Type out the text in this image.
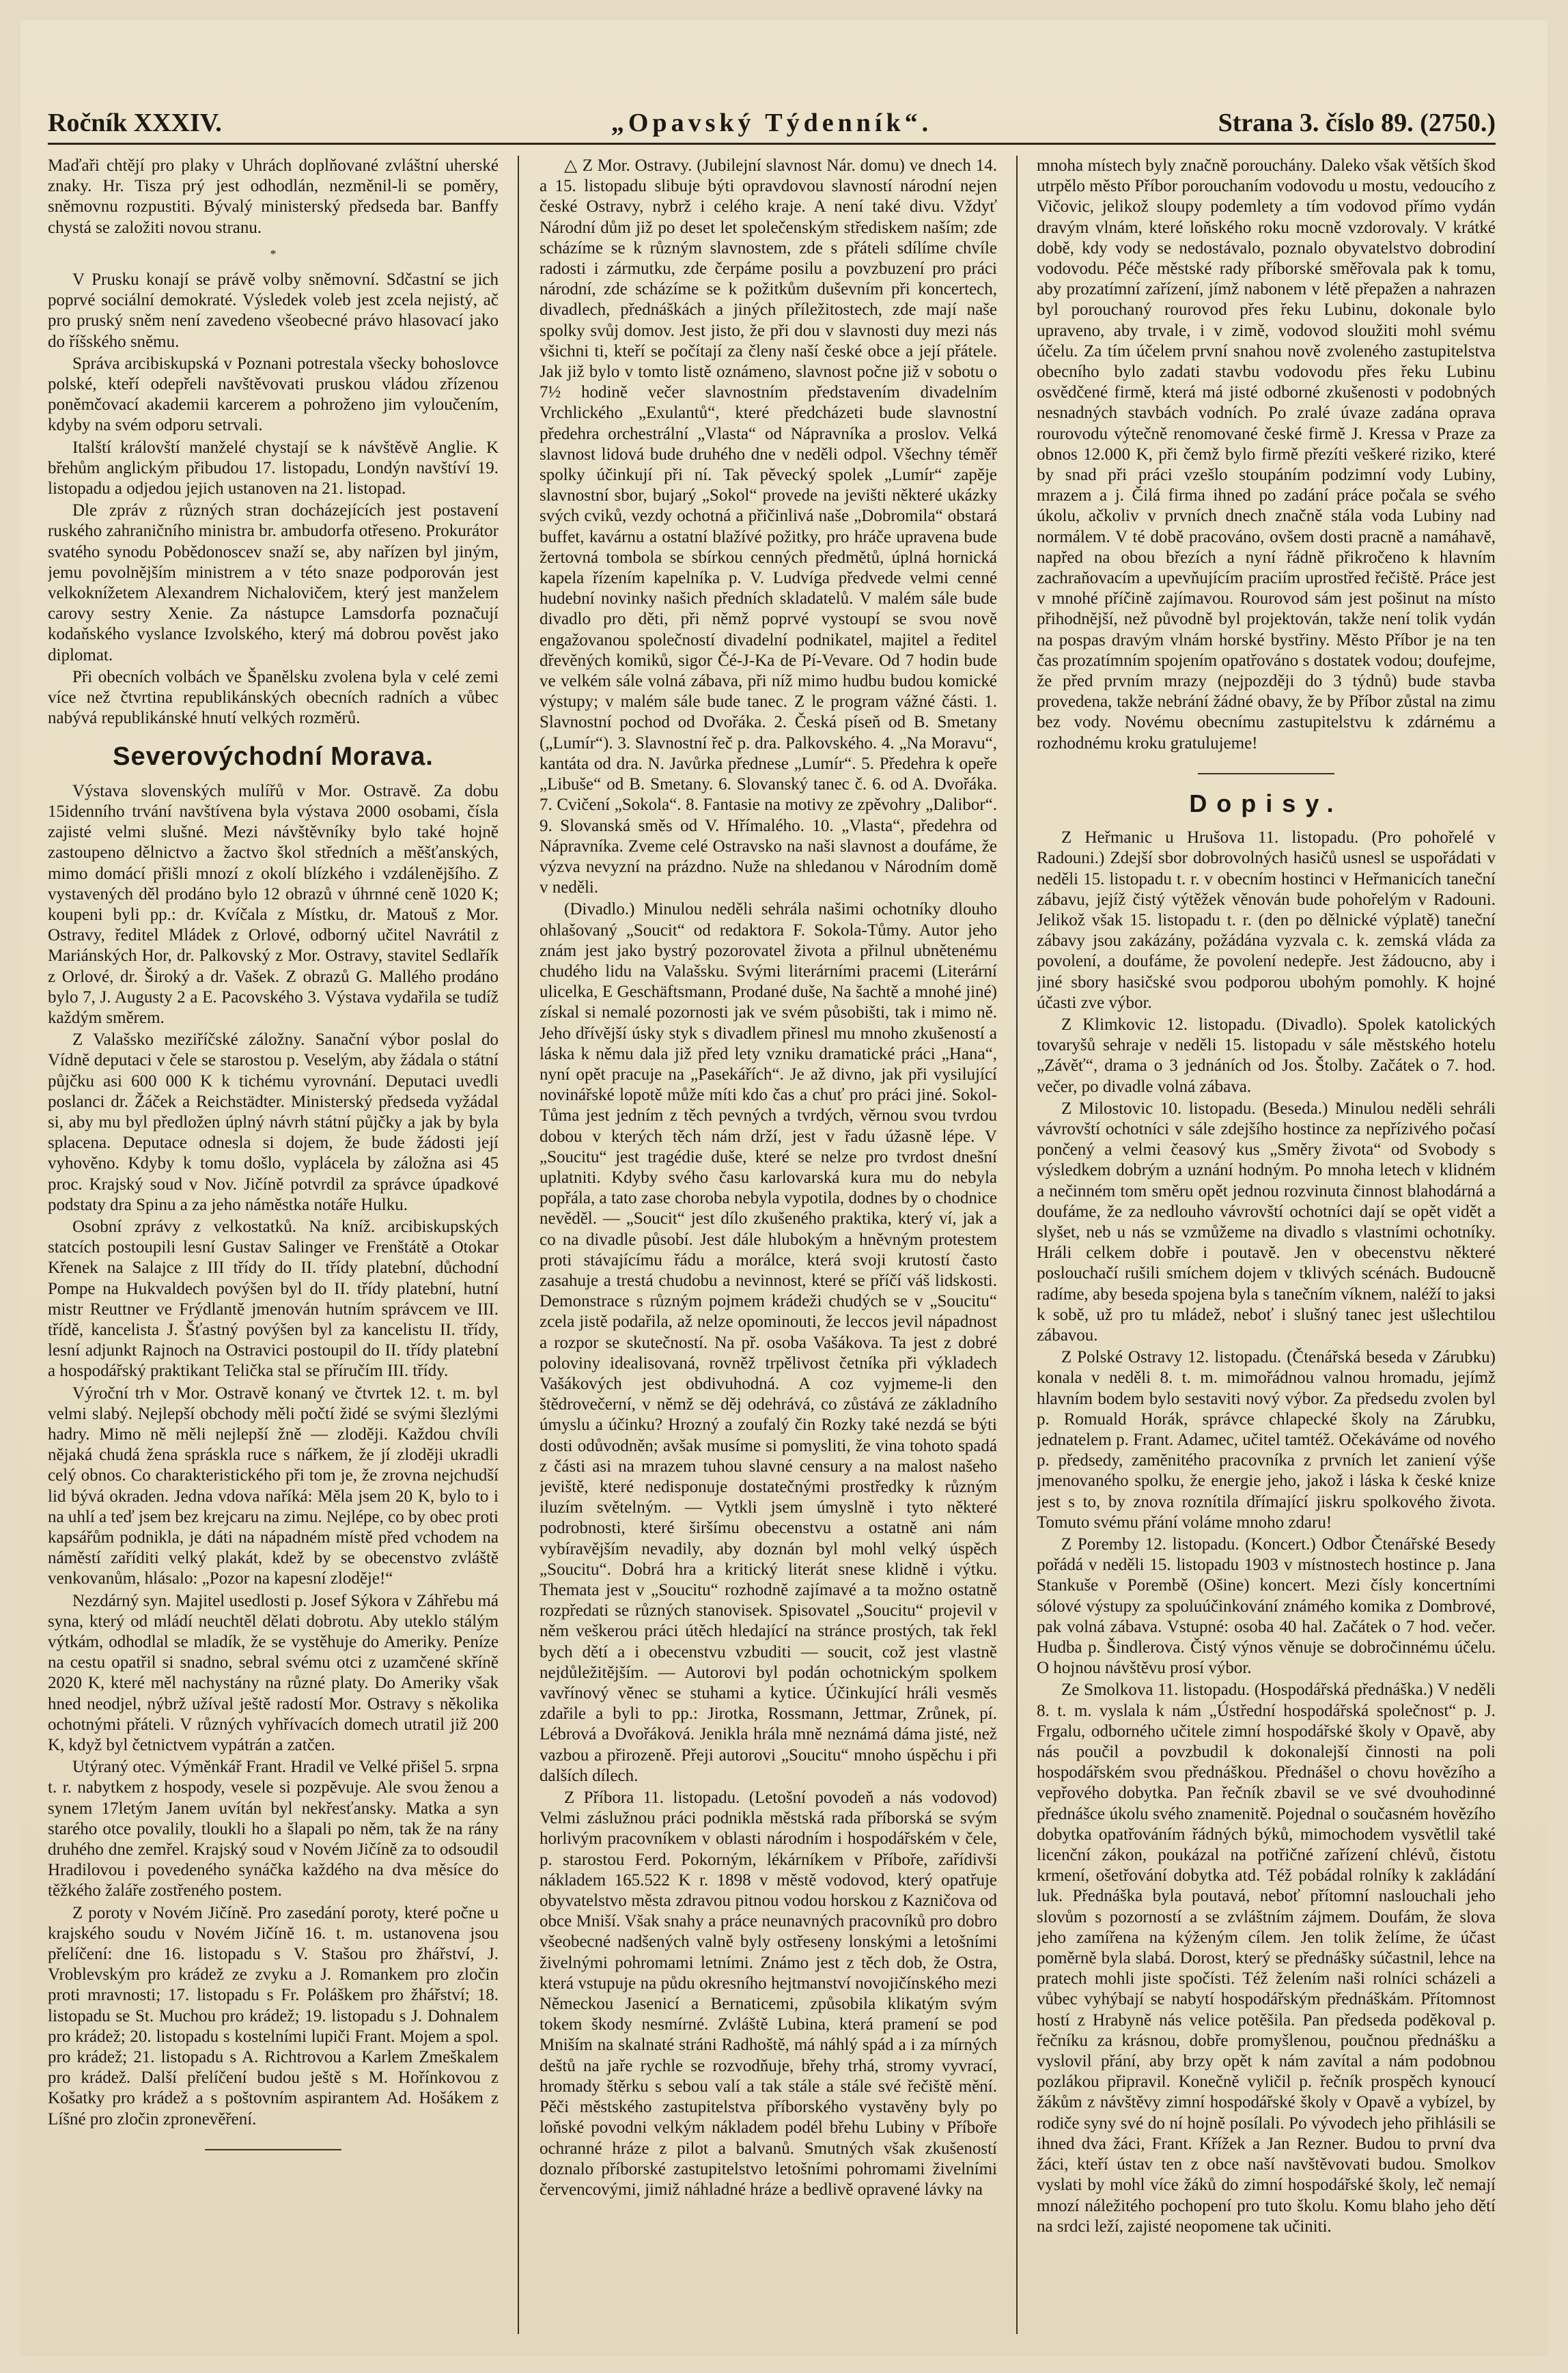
Ročník XXXIV.	„Opavský Týdenník“.	Strana 3. číslo 89. (2750.)

Maďaři chtějí pro plaky v Uhrách doplňované zvláštní uherské znaky. Hr. Tisza prý jest odhodlán, nezměnil-li se poměry, sněmovnu rozpustiti. Bývalý ministerský předseda bar. Banffy chystá se založiti novou stranu.

*

V Prusku konají se právě volby sněmovní. Sdčastní se jich poprvé sociální demokraté. Výsledek voleb jest zcela nejistý, ač pro pruský sněm není zavedeno všeobecné právo hlasovací jako do říšského sněmu.

Správa arcibiskupská v Poznani potrestala všecky bohoslovce polské, kteří odepřeli navštěvovati pruskou vládou zřízenou poněmčovací akademii karcerem a pohroženo jim vyloučením, kdyby na svém odporu setrvali.

Italští královští manželé chystají se k návštěvě Anglie. K břehům anglickým přibudou 17. listopadu, Londýn navštíví 19. listopadu a odjedou jejich ustanoven na 21. listopad.

Dle zpráv z různých stran docházejících jest postavení ruského zahraničního ministra br. ambudorfa otřeseno. Prokurátor svatého synodu Pobědonoscev snaží se, aby nařízen byl jiným, jemu povolnějším ministrem a v této snaze podporován jest velkoknížetem Alexandrem Nichalovičem, který jest manželem carovy sestry Xenie. Za nástupce Lamsdorfa poznačují kodaňského vyslance Izvolského, který má dobrou pověst jako diplomat.

Při obecních volbách ve Španělsku zvolena byla v celé zemi více než čtvrtina republikánských obecních radních a vůbec nabývá republikánské hnutí velkých rozměrů.

Severovýchodní Morava.

Výstava slovenských mulířů v Mor. Ostravě. Za dobu 15idenního trvání navštívena byla výstava 2000 osobami, čísla zajisté velmi slušné. Mezi návštěvníky bylo také hojně zastoupeno dělnictvo a žactvo škol středních a měšťanských, mimo domácí přišli mnozí z okolí blízkého i vzdálenějšího. Z vystavených děl prodáno bylo 12 obrazů v úhrnné ceně 1020 K; koupeni byli pp.: dr. Kvíčala z Místku, dr. Matouš z Mor. Ostravy, ředitel Mládek z Orlové, odborný učitel Navrátil z Mariánských Hor, dr. Palkovský z Mor. Ostravy, stavitel Sedlařík z Orlové, dr. Široký a dr. Vašek. Z obrazů G. Mallého prodáno bylo 7, J. Augusty 2 a E. Pacovského 3. Výstava vydařila se tudíž každým směrem.

Z Valašsko meziříčské záložny. Sanační výbor poslal do Vídně deputaci v čele se starostou p. Veselým, aby žádala o státní půjčku asi 600 000 K k tichému vyrovnání. Deputaci uvedli poslanci dr. Žáček a Reichstädter. Ministerský předseda vyžádal si, aby mu byl předložen úplný návrh státní půjčky a jak by byla splacena. Deputace odnesla si dojem, že bude žádosti její vyhověno. Kdyby k tomu došlo, vyplácela by záložna asi 45 proc. Krajský soud v Nov. Jičíně potvrdil za správce úpadkové podstaty dra Spinu a za jeho náměstka notáře Hulku.

Osobní zprávy z velkostatků. Na kníž. arcibiskupských statcích postoupili lesní Gustav Salinger ve Frenštátě a Otokar Křenek na Salajce z III třídy do II. třídy platební, důchodní Pompe na Hukvaldech povýšen byl do II. třídy platební, hutní mistr Reuttner ve Frýdlantě jmenován hutním správcem ve III. třídě, kancelista J. Šťastný povýšen byl za kancelistu II. třídy, lesní adjunkt Rajnoch na Ostravici postoupil do II. třídy platební a hospodářský praktikant Telička stal se příručím III. třídy.

Výroční trh v Mor. Ostravě konaný ve čtvrtek 12. t. m. byl velmi slabý. Nejlepší obchody měli počtí židé se svými šlezlými hadry. Mimo ně měli nejlepší žně — zloději. Každou chvíli nějaká chudá žena spráskla ruce s nářkem, že jí zloději ukradli celý obnos. Co charakteristického při tom je, že zrovna nejchudší lid bývá okraden. Jedna vdova naříká: Měla jsem 20 K, bylo to i na uhlí a teď jsem bez krejcaru na zimu. Nejlépe, co by obec proti kapsářům podnikla, je dáti na nápadném místě před vchodem na náměstí zaříditi velký plakát, kdež by se obecenstvo zvláště venkovanům, hlásalo: „Pozor na kapesní zloděje!“

Nezdárný syn. Majitel usedlosti p. Josef Sýkora v Záhřebu má syna, který od mládí neuchtěl dělati dobrotu. Aby uteklo stálým výtkám, odhodlal se mladík, že se vystěhuje do Ameriky. Peníze na cestu opatřil si snadno, sebral svému otci z uzamčené skříně 2020 K, které měl nachystány na různé platy. Do Ameriky však hned neodjel, nýbrž užíval ještě radostí Mor. Ostravy s několika ochotnými přáteli. V různých vyhřívacích domech utratil již 200 K, když byl četnictvem vypátrán a zatčen.

Utýraný otec. Výměnkář Frant. Hradil ve Velké přišel 5. srpna t. r. nabytkem z hospody, vesele si pozpěvuje. Ale svou ženou a synem 17letým Janem uvítán byl nekřesťansky. Matka a syn starého otce povalily, tloukli ho a šlapali po něm, tak že na rány druhého dne zemřel. Krajský soud v Novém Jičíně za to odsoudil Hradilovou i povedeného synáčka každého na dva měsíce do těžkého žaláře zostřeného postem.

Z poroty v Novém Jičíně. Pro zasedání poroty, které počne u krajského soudu v Novém Jičíně 16. t. m. ustanovena jsou přelíčení: dne 16. listopadu s V. Stašou pro žhářství, J. Vroblevským pro krádež ze zvyku a J. Romankem pro zločin proti mravnosti; 17. listopadu s Fr. Poláškem pro žhářství; 18. listopadu se St. Muchou pro krádež; 19. listopadu s J. Dohnalem pro krádež; 20. listopadu s kostelními lupiči Frant. Mojem a spol. pro krádež; 21. listopadu s A. Richtrovou a Karlem Zmeškalem pro krádež. Další přelíčení budou ještě s M. Hořínkovou z Košatky pro krádež a s poštovním aspirantem Ad. Hošákem z Líšné pro zločin zpronevěření.

△ Z Mor. Ostravy. (Jubilejní slavnost Nár. domu) ve dnech 14. a 15. listopadu slibuje býti opravdovou slavností národní nejen české Ostravy, nybrž i celého kraje. A není také divu. Vždyť Národní dům již po deset let společenským střediskem naším; zde scházíme se k různým slavnostem, zde s přáteli sdílíme chvíle radosti i zármutku, zde čerpáme posilu a povzbuzení pro práci národní, zde scházíme se k požitkům duševním při koncertech, divadlech, přednáškách a jiných příležitostech, zde mají naše spolky svůj domov. Jest jisto, že při dou v slavnosti duy mezi nás všichni ti, kteří se počítají za členy naší české obce a její přátele. Jak již bylo v tomto listě oznámeno, slavnost počne již v sobotu o 7½ hodině večer slavnostním představením divadelním Vrchlického „Exulantů“, které předcházeti bude slavnostní předehra orchestrální „Vlasta“ od Nápravníka a proslov. Velká slavnost lidová bude druhého dne v neděli odpol. Všechny téměř spolky účinkují při ní. Tak pěvecký spolek „Lumír“ zapěje slavnostní sbor, bujarý „Sokol“ provede na jevišti některé ukázky svých cviků, vezdy ochotná a přičinlivá naše „Dobromila“ obstará buffet, kavárnu a ostatní blažívé požitky, pro hráče upravena bude žertovná tombola se sbírkou cenných předmětů, úplná hornická kapela řízením kapelníka p. V. Ludvíga předvede velmi cenné hudební novinky našich předních skladatelů. V malém sále bude divadlo pro děti, při němž poprvé vystoupí se svou nově engažovanou společností divadelní podnikatel, majitel a ředitel dřevěných komiků, sigor Čé-J-Ka de Pí-Vevare. Od 7 hodin bude ve velkém sále volná zábava, při níž mimo hudbu budou komické výstupy; v malém sále bude tanec. Z le program vážné části. 1. Slavnostní pochod od Dvořáka. 2. Česká píseň od B. Smetany („Lumír“). 3. Slavnostní řeč p. dra. Palkovského. 4. „Na Moravu“, kantáta od dra. N. Javůrka přednese „Lumír“. 5. Předehra k opeře „Libuše“ od B. Smetany. 6. Slovanský tanec č. 6. od A. Dvořáka. 7. Cvičení „Sokola“. 8. Fantasie na motivy ze zpěvohry „Dalibor“. 9. Slovanská směs od V. Hřímalého. 10. „Vlasta“, předehra od Nápravníka. Zveme celé Ostravsko na naši slavnost a doufáme, že výzva nevyzní na prázdno. Nuže na shledanou v Národním domě v neděli.

(Divadlo.) Minulou neděli sehrála našimi ochotníky dlouho ohlašovaný „Soucit“ od redaktora F. Sokola-Tůmy. Autor jeho znám jest jako bystrý pozorovatel života a přilnul ubnětenému chudého lidu na Valašsku. Svými literárními pracemi (Literární ulicelka, E Geschäftsmann, Prodané duše, Na šachtě a mnohé jiné) získal si nemalé pozornosti jak ve svém působišti, tak i mimo ně. Jeho dřívější úsky styk s divadlem přinesl mu mnoho zkušeností a láska k němu dala již před lety vzniku dramatické práci „Hana“, nyní opět pracuje na „Pasekářích“. Je až divno, jak při vysilující novinářské lopotě může míti kdo čas a chuť pro práci jiné. Sokol-Tůma jest jedním z těch pevných a tvrdých, věrnou svou tvrdou dobou v kterých těch nám drží, jest v řadu úžasně lépe. V „Soucitu“ jest tragédie duše, které se nelze pro tvrdost dnešní uplatniti. Kdyby svého času karlovarská kura mu do nebyla popřála, a tato zase choroba nebyla vypotila, dodnes by o chodnice nevěděl. — „Soucit“ jest dílo zkušeného praktika, který ví, jak a co na divadle působí. Jest dále hlubokým a hněvným protestem proti stávajícímu řádu a morálce, která svoji krutostí často zasahuje a trestá chudobu a nevinnost, které se příčí váš lidskosti. Demonstrace s různým pojmem krádeži chudých se v „Soucitu“ zcela jistě podařila, až nelze opominouti, že leccos jevil nápadnost a rozpor se skutečností. Na př. osoba Vašákova. Ta jest z dobré poloviny idealisovaná, rovněž trpělivost četníka při výkladech Vašákových jest obdivuhodná. A coz vyjmeme-li den štědrovečerní, v němž se děj odehrává, co zůstává ze základního úmyslu a účinku? Hrozný a zoufalý čin Rozky také nezdá se býti dosti odůvodněn; avšak musíme si pomysliti, že vina tohoto spadá z části asi na mrazem tuhou slavné censury a na malost našeho jeviště, které nedisponuje dostatečnými prostředky k různým iluzím světelným. — Vytkli jsem úmyslně i tyto některé podrobnosti, které širšímu obecenstvu a ostatně ani nám vybíravějším nevadily, aby doznán byl mohl velký úspěch „Soucitu“. Dobrá hra a kritický literát snese klidně i výtku. Themata jest v „Soucitu“ rozhodně zajímavé a ta možno ostatně rozpředati se různých stanovisek. Spisovatel „Soucitu“ projevil v něm veškerou práci útěch hledající na stránce prostých, tak řekl bych dětí a i obecenstvu vzbuditi — soucit, což jest vlastně nejdůležitějším. — Autorovi byl podán ochotnickým spolkem vavřínový věnec se stuhami a kytice. Účinkující hráli vesměs zdařile a byli to pp.: Jirotka, Rossmann, Jettmar, Zrůnek, pí. Lébrová a Dvořáková. Jenikla hrála mně neznámá dáma jisté, než vazbou a přirozeně. Přeji autorovi „Soucitu“ mnoho úspěchu i při dalších dílech.

Z Příbora 11. listopadu. (Letošní povodeň a nás vodovod) Velmi záslužnou práci podnikla městská rada příborská se svým horlivým pracovníkem v oblasti národním i hospodářském v čele, p. starostou Ferd. Pokorným, lékárníkem v Příboře, zařídivši nákladem 165.522 K r. 1898 v městě vodovod, který opatřuje obyvatelstvo města zdravou pitnou vodou horskou z Kazničova od obce Mniší. Však snahy a práce neunavných pracovníků pro dobro všeobecné nadšených valně byly ostřeseny lonskými a letošními živelnými pohromami letními. Známo jest z těch dob, že Ostra, která vstupuje na půdu okresního hejtmanství novojičínského mezi Německou Jasenicí a Bernaticemi, způsobila klikatým svým tokem škody nesmírné. Zvláště Lubina, která pramení se pod Mniším na skalnaté stráni Radhoště, má náhlý spád a i za mírných deštů na jaře rychle se rozvodňuje, břehy trhá, stromy vyvrací, hromady štěrku s sebou valí a tak stále a stále své řečiště mění. Pěči městského zastupitelstva příborského vystavěny byly po loňské povodni velkým nákladem podél břehu Lubiny v Příboře ochranné hráze z pilot a balvanů. Smutných však zkušeností doznalo příborské zastupitelstvo letošními pohromami živelními červencovými, jimiž náhladné hráze a bedlivě opravené lávky na

mnoha místech byly značně porouchány. Daleko však větších škod utrpělo město Příbor porouchaním vodovodu u mostu, vedoucího z Vičovic, jelikož sloupy podemlety a tím vodovod přímo vydán dravým vlnám, které loňského roku mocně vzdorovaly. V krátké době, kdy vody se nedostávalo, poznalo obyvatelstvo dobrodiní vodovodu. Péče městské rady příborské směřovala pak k tomu, aby prozatímní zařízení, jímž nabonem v létě přepažen a nahrazen byl porouchaný rourovod přes řeku Lubinu, dokonale bylo upraveno, aby trvale, i v zimě, vodovod sloužiti mohl svému účelu. Za tím účelem první snahou nově zvoleného zastupitelstva obecního bylo zadati stavbu vodovodu přes řeku Lubinu osvědčené firmě, která má jisté odborné zkušenosti v podobných nesnadných stavbách vodních. Po zralé úvaze zadána oprava rourovodu výtečně renomované české firmě J. Kressa v Praze za obnos 12.000 K, při čemž bylo firmě přezíti veškeré riziko, které by snad při práci vzešlo stoupáním podzimní vody Lubiny, mrazem a j. Čilá firma ihned po zadání práce počala se svého úkolu, ačkoliv v prvních dnech značně stála voda Lubiny nad normálem. V té době pracováno, ovšem dosti pracně a namáhavě, napřed na obou březích a nyní řádně přikročeno k hlavním zachraňovacím a upevňujícím praciím uprostřed řečiště. Práce jest v mnohé příčině zajímavou. Rourovod sám jest pošinut na místo přihodnější, než původně byl projektován, takže není tolik vydán na pospas dravým vlnám horské bystřiny. Město Příbor je na ten čas prozatímním spojením opatřováno s dostatek vodou; doufejme, že před prvním mrazy (nejpozději do 3 týdnů) bude stavba provedena, takže nebrání žádné obavy, že by Příbor zůstal na zimu bez vody. Novému obecnímu zastupitelstvu k zdárnému a rozhodnému kroku gratulujeme!

Dopisy.

Z Heřmanic u Hrušova 11. listopadu. (Pro pohořelé v Radouni.) Zdejší sbor dobrovolných hasičů usnesl se uspořádati v neděli 15. listopadu t. r. v obecním hostinci v Heřmanicích taneční zábavu, jejíž čistý výtěžek věnován bude pohořelým v Radouni. Jelikož však 15. listopadu t. r. (den po dělnické výplatě) taneční zábavy jsou zakázány, požádána vyzvala c. k. zemská vláda za povolení, a doufáme, že povolení nedepře. Jest žádoucno, aby i jiné sbory hasičské svou podporou ubohým pomohly. K hojné účasti zve výbor.

Z Klimkovic 12. listopadu. (Divadlo). Spolek katolických tovaryšů sehraje v neděli 15. listopadu v sále městského hotelu „Závěť“, drama o 3 jednáních od Jos. Štolby. Začátek o 7. hod. večer, po divadle volná zábava.

Z Milostovic 10. listopadu. (Beseda.) Minulou neděli sehráli vávrovští ochotníci v sále zdejšího hostince za nepřízivého počasí pončený a velmi čeasový kus „Směry života“ od Svobody s výsledkem dobrým a uznání hodným. Po mnoha letech v klidném a nečinném tom směru opět jednou rozvinuta činnost blahodárná a doufáme, že za nedlouho vávrovští ochotníci dají se opět vidět a slyšet, neb u nás se vzmůžeme na divadlo s vlastními ochotníky. Hráli celkem dobře i poutavě. Jen v obecenstvu některé poslouchačí rušili smíchem dojem v tklivých scénách. Budoucně radíme, aby beseda spojena byla s tanečním víknem, naléží to jaksi k sobě, už pro tu mládež, neboť i slušný tanec jest ušlechtilou zábavou.

Z Polské Ostravy 12. listopadu. (Čtenářská beseda v Zárubku) konala v neděli 8. t. m. mimořádnou valnou hromadu, jejímž hlavním bodem bylo sestaviti nový výbor. Za předsedu zvolen byl p. Romuald Horák, správce chlapecké školy na Zárubku, jednatelem p. Frant. Adamec, učitel tamtéž. Očekáváme od nového p. předsedy, zaměnitého pracovníka z prvních let zaniení výše jmenovaného spolku, že energie jeho, jakož i láska k české knize jest s to, by znova roznítila dřímající jiskru spolkového života. Tomuto svému přání voláme mnoho zdaru!

Z Poremby 12. listopadu. (Koncert.) Odbor Čtenářské Besedy pořádá v neděli 15. listopadu 1903 v místnostech hostince p. Jana Stankuše v Porembě (Ošine) koncert. Mezi čísly koncertními sólové výstupy za spoluúčinkování známého komika z Dombrové, pak volná zábava. Vstupné: osoba 40 hal. Začátek o 7 hod. večer. Hudba p. Šindlerova. Čistý výnos věnuje se dobročinnému účelu. O hojnou návštěvu prosí výbor.

Ze Smolkova 11. listopadu. (Hospodářská přednáška.) V neděli 8. t. m. vyslala k nám „Ústřední hospodářská společnost“ p. J. Frgalu, odborného učitele zimní hospodářské školy v Opavě, aby nás poučil a povzbudil k dokonalejší činnosti na poli hospodářském svou přednáškou. Přednášel o chovu hovězího a vepřového dobytka. Pan řečník zbavil se ve své dvouhodinné přednášce úkolu svého znamenitě. Pojednal o současném hovězího dobytka opatřováním řádných býků, mimochodem vysvětlil také licenční zákon, poukázal na potřičné zařízení chlévů, čistotu krmení, ošetřování dobytka atd. Též pobádal rolníky k zakládání luk. Přednáška byla poutavá, neboť přítomní naslouchali jeho slovům s pozorností a se zvláštním zájmem. Doufám, že slova jeho zamířena na kýženým cílem. Jen tolik želíme, že účast poměrně byla slabá. Dorost, který se přednášky súčastnil, lehce na pratech mohli jiste spočísti. Též želením naši rolníci scházeli a vůbec vyhýbají se nabytí hospodářským přednáškám. Přítomnost hostí z Hrabyně nás velice potěšila. Pan předseda poděkoval p. řečníku za krásnou, dobře promyšlenou, poučnou přednášku a vyslovil přání, aby brzy opět k nám zavítal a nám podobnou pozlákou připravil. Konečně vyličil p. řečník prospěch kynoucí žákům z návštěvy zimní hospodářské školy v Opavě a vybízel, by rodiče syny své do ní hojně posílali. Po vývodech jeho přihlásili se ihned dva žáci, Frant. Křížek a Jan Rezner. Budou to první dva žáci, kteří ústav ten z obce naší navštěvovati budou. Smolkov vyslati by mohl více žáků do zimní hospodářské školy, leč nemají mnozí náležitého pochopení pro tuto školu. Komu blaho jeho dětí na srdci leží, zajisté neopomene tak učiniti.
